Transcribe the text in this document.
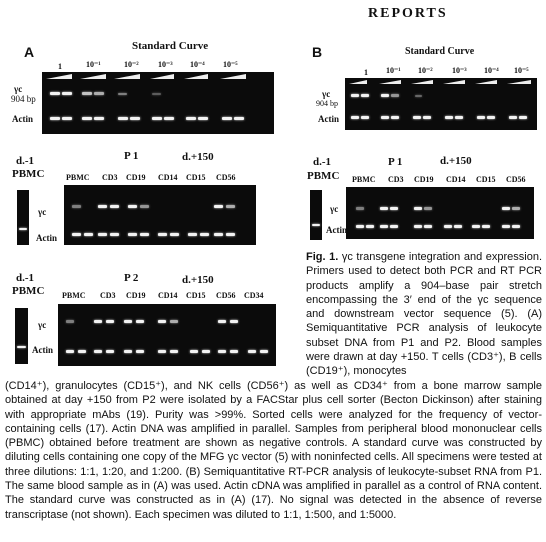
REPORTS
A	Standard Curve
1	10⁻¹	10⁻² 10⁻³ 10⁻⁴ 10⁻⁵
γc
904 bp
Actin
P 1	d.+150
d.-1
PBMC	PBMC CD3 CD19 CD14 CD15 CD56
γc
Actin
P 2	d.+150
d.-1
PBMC PBMC CD3 CD19 CD14 CD15 CD56 CD34
γc
Actin
B	Standard Curve
1 10⁻¹ 10⁻² 10⁻³ 10⁻⁴ 10⁻⁵
γc
904 bp
Actin
P 1	d.+150
d.-1
PBMC PBMC CD3 CD19 CD14 CD15 CD56
γc
Actin

Fig. 1. γc transgene integration and expression. Primers used to detect both PCR and RT PCR products amplify a 904–base pair stretch encompassing the 3′ end of the γc sequence and downstream vector sequence (5). (A) Semiquantitative PCR analysis of leukocyte subset DNA from P1 and P2. Blood samples were drawn at day +150. T cells (CD3⁺), B cells (CD19⁺), monocytes

(CD14⁺), granulocytes (CD15⁺), and NK cells (CD56⁺) as well as CD34⁺ from a bone marrow sample obtained at day +150 from P2 were isolated by a FACStar plus cell sorter (Becton Dickinson) after staining with appropriate mAbs (19). Purity was >99%. Sorted cells were analyzed for the frequency of vector-containing cells (17). Actin DNA was amplified in parallel. Samples from peripheral blood mononuclear cells (PBMC) obtained before treatment are shown as negative controls. A standard curve was constructed by diluting cells containing one copy of the MFG γc vector (5) with noninfected cells. All specimens were tested at three dilutions: 1:1, 1:20, and 1:200. (B) Semiquantitative RT-PCR analysis of leukocyte-subset RNA from P1. The same blood sample as in (A) was used. Actin cDNA was amplified in parallel as a control of RNA content. The standard curve was constructed as in (A) (17). No signal was detected in the absence of reverse transcriptase (not shown). Each specimen was diluted to 1:1, 1:500, and 1:5000.
